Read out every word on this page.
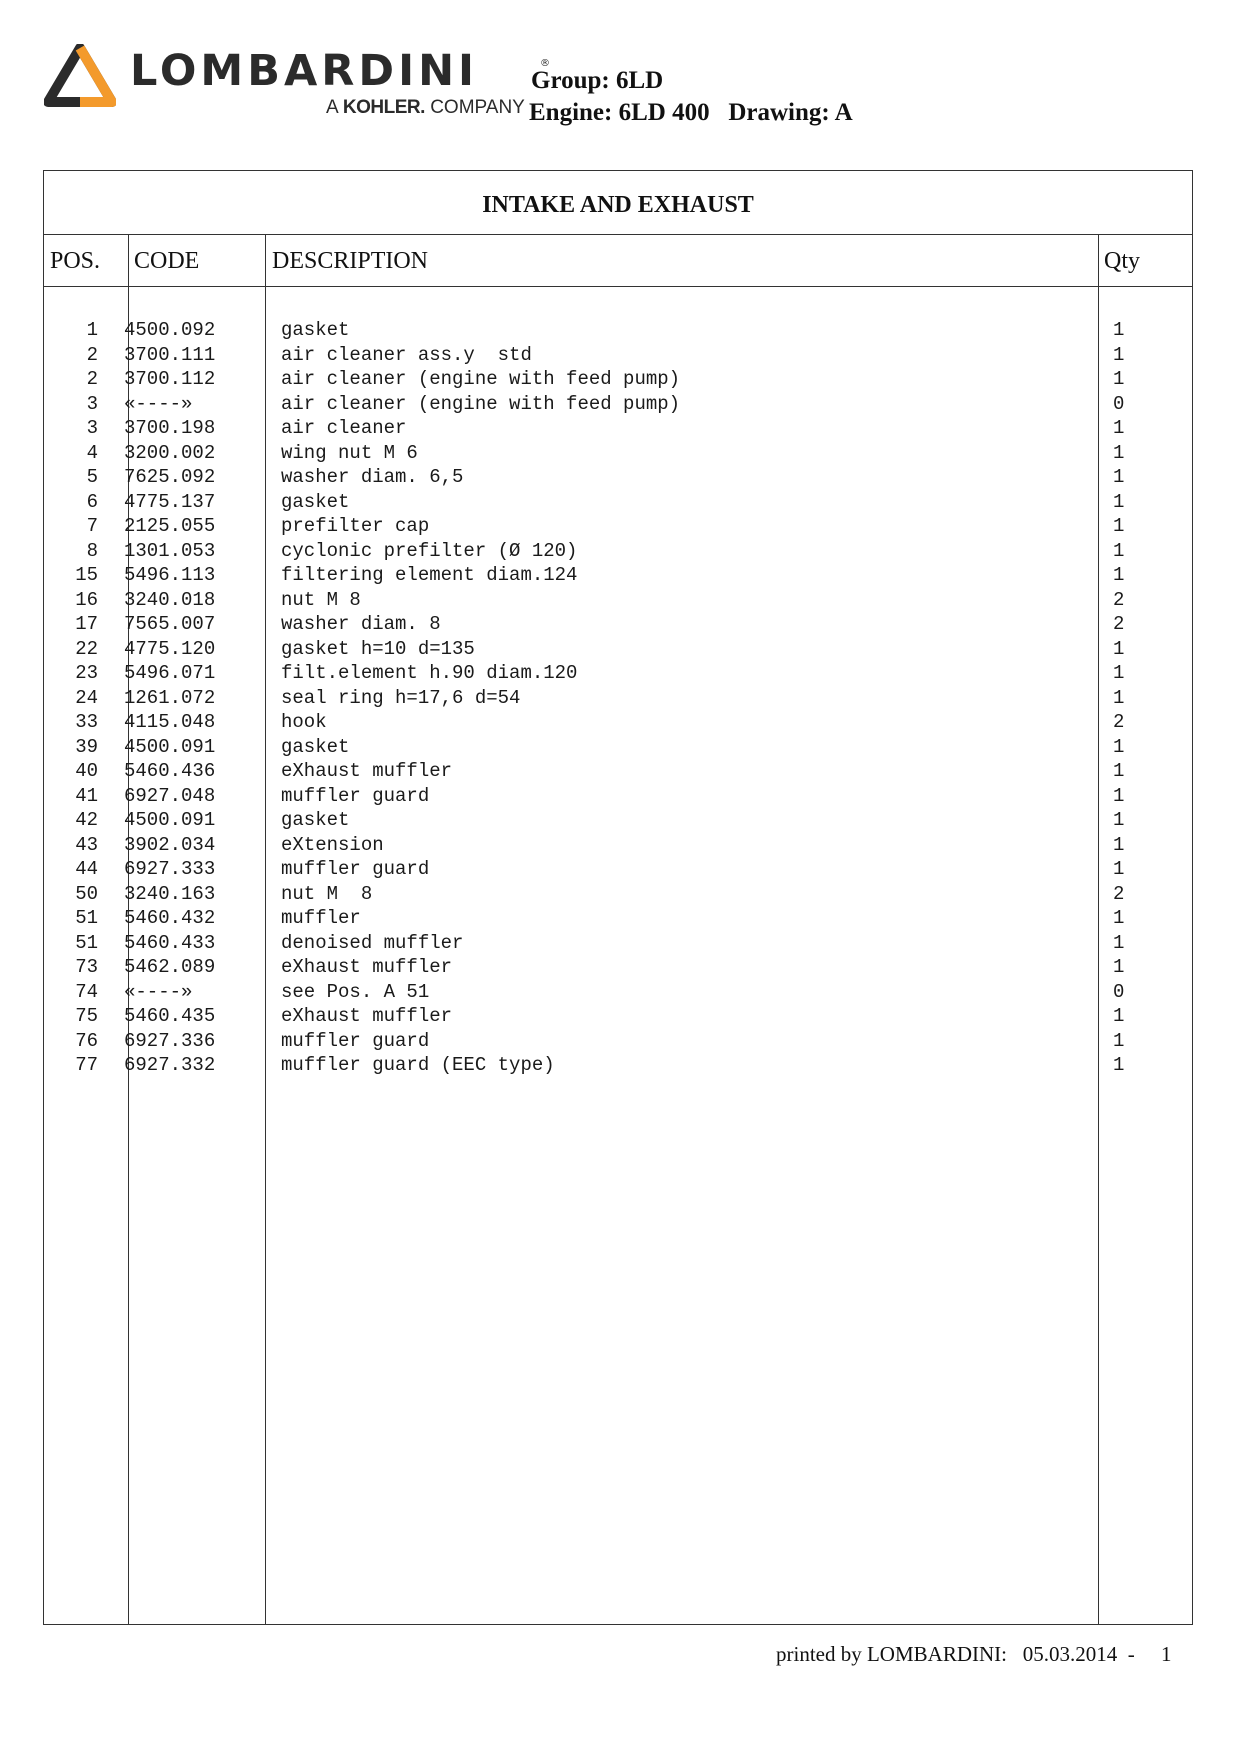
LOMBARDINI	®
A KOHLER. COMPANY
Group: 6LD
Engine: 6LD 400   Drawing: A
INTAKE AND EXHAUST
POS. CODE	DESCRIPTION	Qty
1 4500.092	gasket	1
2 3700.111	air cleaner ass.y  std	1
2 3700.112	air cleaner (engine with feed pump)	1
3 «----»	air cleaner (engine with feed pump)	0
3 3700.198	air cleaner	1
4 3200.002	wing nut M 6	1
5 7625.092	washer diam. 6,5	1
6 4775.137	gasket	1
7 2125.055	prefilter cap	1
8 1301.053	cyclonic prefilter (Ø 120)	1
15 5496.113	filtering element diam.124	1
16 3240.018	nut M 8	2
17 7565.007	washer diam. 8	2
22 4775.120	gasket h=10 d=135	1
23 5496.071	filt.element h.90 diam.120	1
24 1261.072	seal ring h=17,6 d=54	1
33 4115.048	hook	2
39 4500.091	gasket	1
40 5460.436	eXhaust muffler	1
41 6927.048	muffler guard	1
42 4500.091	gasket	1
43 3902.034	eXtension	1
44 6927.333	muffler guard	1
50 3240.163	nut M  8	2
51 5460.432	muffler	1
51 5460.433	denoised muffler	1
73 5462.089	eXhaust muffler	1
74 «----»	see Pos. A 51	0
75 5460.435	eXhaust muffler	1
76 6927.336	muffler guard	1
77 6927.332	muffler guard (EEC type)	1
printed by LOMBARDINI: 05.03.2014 - 1
